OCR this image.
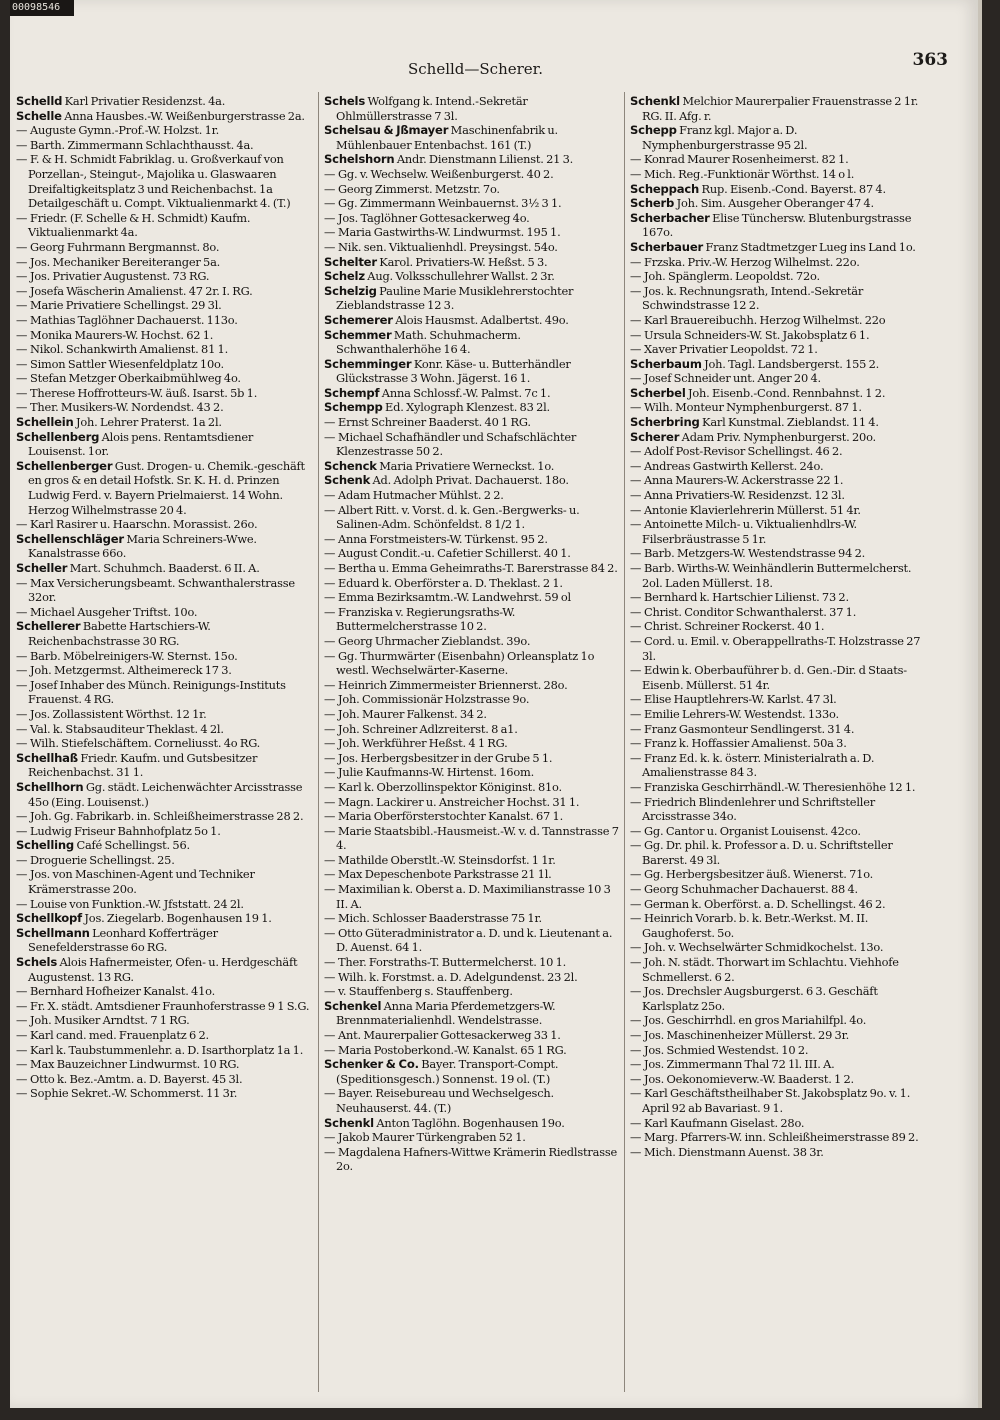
00098546
Schelld—Scherer.	363
Schelld Karl Privatier Residenzst. 4a.
Schelle Anna Hausbes.-W. Weißenburgerstrasse 2a.
— Auguste Gymn.-Prof.-W. Holzst. 1r.
— Barth. Zimmermann Schlachthausst. 4a.
— F. & H. Schmidt Fabriklag. u. Großverkauf von Porzellan-, Steingut-, Majolika u. Glaswaaren Dreifaltigkeitsplatz 3 und Reichenbachst. 1a Detailgeschäft u. Compt. Viktualienmarkt 4. (T.)
— Friedr. (F. Schelle & H. Schmidt) Kaufm. Viktualienmarkt 4a.
— Georg Fuhrmann Bergmannst. 8o.
— Jos. Mechaniker Bereiteranger 5a.
— Jos. Privatier Augustenst. 73 RG.
— Josefa Wäscherin Amalienst. 47 2r. I. RG.
— Marie Privatiere Schellingst. 29 3l.
— Mathias Taglöhner Dachauerst. 113o.
— Monika Maurers-W. Hochst. 62 1.
— Nikol. Schankwirth Amalienst. 81 1.
— Simon Sattler Wiesenfeldplatz 10o.
— Stefan Metzger Oberkaibmühlweg 4o.
— Therese Hoffrotteurs-W. äuß. Isarst. 5b 1.
— Ther. Musikers-W. Nordendst. 43 2.
Schellein Joh. Lehrer Praterst. 1a 2l.
Schellenberg Alois pens. Rentamtsdiener Louisenst. 1or.
Schellenberger Gust. Drogen- u. Chemik.-geschäft en gros & en detail Hofstk. Sr. K. H. d. Prinzen Ludwig Ferd. v. Bayern Prielmaierst. 14 Wohn. Herzog Wilhelmstrasse 20 4.
— Karl Rasirer u. Haarschn. Morassist. 26o.
Schellenschläger Maria Schreiners-Wwe. Kanalstrasse 66o.
Scheller Mart. Schuhmch. Baaderst. 6 II. A.
— Max Versicherungsbeamt. Schwanthalerstrasse 32or.
— Michael Ausgeher Triftst. 10o.
Schellerer Babette Hartschiers-W. Reichenbachstrasse 30 RG.
— Barb. Möbelreinigers-W. Sternst. 15o.
— Joh. Metzgermst. Altheimereck 17 3.
— Josef Inhaber des Münch. Reinigungs-Instituts Frauenst. 4 RG.
— Jos. Zollassistent Wörthst. 12 1r.
— Val. k. Stabsauditeur Theklast. 4 2l.
— Wilh. Stiefelschäftem. Corneliusst. 4o RG.
Schellhaß Friedr. Kaufm. und Gutsbesitzer Reichenbachst. 31 1.
Schellhorn Gg. städt. Leichenwächter Arcisstrasse 45o (Eing. Louisenst.)
— Joh. Gg. Fabrikarb. in. Schleißheimerstrasse 28 2.
— Ludwig Friseur Bahnhofplatz 5o 1.
Schelling Café Schellingst. 56.
— Droguerie Schellingst. 25.
— Jos. von Maschinen-Agent und Techniker Krämerstrasse 20o.
— Louise von Funktion.-W. Jfststatt. 24 2l.
Schellkopf Jos. Ziegelarb. Bogenhausen 19 1.
Schellmann Leonhard Kofferträger Senefelderstrasse 6o RG.
Schels Alois Hafnermeister, Ofen- u. Herdgeschäft Augustenst. 13 RG.
— Bernhard Hofheizer Kanalst. 41o.
— Fr. X. städt. Amtsdiener Fraunhoferstrasse 9 1 S.G.
— Joh. Musiker Arndtst. 7 1 RG.
— Karl cand. med. Frauenplatz 6 2.
— Karl k. Taubstummenlehr. a. D. Isarthorplatz 1a 1.
— Max Bauzeichner Lindwurmst. 10 RG.
— Otto k. Bez.-Amtm. a. D. Bayerst. 45 3l.
— Sophie Sekret.-W. Schommerst. 11 3r.
Schels Wolfgang k. Intend.-Sekretär Ohlmüllerstrasse 7 3l.
Schelsau & Jßmayer Maschinenfabrik u. Mühlenbauer Entenbachst. 161 (T.)
Schelshorn Andr. Dienstmann Lilienst. 21 3.
— Gg. v. Wechselw. Weißenburgerst. 40 2.
— Georg Zimmerst. Metzstr. 7o.
— Gg. Zimmermann Weinbauernst. 3½ 3 1.
— Jos. Taglöhner Gottesackerweg 4o.
— Maria Gastwirths-W. Lindwurmst. 195 1.
— Nik. sen. Viktualienhdl. Preysingst. 54o.
Schelter Karol. Privatiers-W. Heßst. 5 3.
Schelz Aug. Volksschullehrer Wallst. 2 3r.
Schelzig Pauline Marie Musiklehrerstochter Zieblandstrasse 12 3.
Schemerer Alois Hausmst. Adalbertst. 49o.
Schemmer Math. Schuhmacherm. Schwanthalerhöhe 16 4.
Schemminger Konr. Käse- u. Butterhändler Glückstrasse 3 Wohn. Jägerst. 16 1.
Schempf Anna Schlossf.-W. Palmst. 7c 1.
Schempp Ed. Xylograph Klenzest. 83 2l.
— Ernst Schreiner Baaderst. 40 1 RG.
— Michael Schafhändler und Schafschlächter Klenzestrasse 50 2.
Schenck Maria Privatiere Werneckst. 1o.
Schenk Ad. Adolph Privat. Dachauerst. 18o.
— Adam Hutmacher Mühlst. 2 2.
— Albert Ritt. v. Vorst. d. k. Gen.-Bergwerks- u. Salinen-Adm. Schönfeldst. 8 1/2 1.
— Anna Forstmeisters-W. Türkenst. 95 2.
— August Condit.-u. Cafetier Schillerst. 40 1.
— Bertha u. Emma Geheimraths-T. Barerstrasse 84 2.
— Eduard k. Oberförster a. D. Theklast. 2 1.
— Emma Bezirksamtm.-W. Landwehrst. 59 ol
— Franziska v. Regierungsraths-W. Buttermelcherstrasse 10 2.
— Georg Uhrmacher Zieblandst. 39o.
— Gg. Thurmwärter (Eisenbahn) Orleansplatz 1o westl. Wechselwärter-Kaserne.
— Heinrich Zimmermeister Briennerst. 28o.
— Joh. Commissionär Holzstrasse 9o.
— Joh. Maurer Falkenst. 34 2.
— Joh. Schreiner Adlzreiterst. 8 a1.
— Joh. Werkführer Heßst. 4 1 RG.
— Jos. Herbergsbesitzer in der Grube 5 1.
— Julie Kaufmanns-W. Hirtenst. 16om.
— Karl k. Oberzollinspektor Königinst. 81o.
— Magn. Lackirer u. Anstreicher Hochst. 31 1.
— Maria Oberförsterstochter Kanalst. 67 1.
— Marie Staatsbibl.-Hausmeist.-W. v. d. Tannstrasse 7 4.
— Mathilde Oberstlt.-W. Steinsdorfst. 1 1r.
— Max Depeschenbote Parkstrasse 21 1l.
— Maximilian k. Oberst a. D. Maximilianstrasse 10 3 II. A.
— Mich. Schlosser Baaderstrasse 75 1r.
— Otto Güteradministrator a. D. und k. Lieutenant a. D. Auenst. 64 1.
— Ther. Forstraths-T. Buttermelcherst. 10 1.
— Wilh. k. Forstmst. a. D. Adelgundenst. 23 2l.
— v. Stauffenberg s. Stauffenberg.
Schenkel Anna Maria Pferdemetzgers-W. Brennmaterialienhdl. Wendelstrasse.
— Ant. Maurerpalier Gottesackerweg 33 1.
— Maria Postoberkond.-W. Kanalst. 65 1 RG.
Schenker & Co. Bayer. Transport-Compt. (Speditionsgesch.) Sonnenst. 19 ol. (T.)
— Bayer. Reisebureau und Wechselgesch. Neuhauserst. 44. (T.)
Schenkl Anton Taglöhn. Bogenhausen 19o.
— Jakob Maurer Türkengraben 52 1.
— Magdalena Hafners-Wittwe Krämerin Riedlstrasse 2o.
Schenkl Melchior Maurerpalier Frauenstrasse 2 1r. RG. II. Afg. r.
Schepp Franz kgl. Major a. D. Nymphenburgerstrasse 95 2l.
— Konrad Maurer Rosenheimerst. 82 1.
— Mich. Reg.-Funktionär Wörthst. 14 o l.
Scheppach Rup. Eisenb.-Cond. Bayerst. 87 4.
Scherb Joh. Sim. Ausgeher Oberanger 47 4.
Scherbacher Elise Tünchersw. Blutenburgstrasse 167o.
Scherbauer Franz Stadtmetzger Lueg ins Land 1o.
— Frzska. Priv.-W. Herzog Wilhelmst. 22o.
— Joh. Spänglerm. Leopoldst. 72o.
— Jos. k. Rechnungsrath, Intend.-Sekretär Schwindstrasse 12 2.
— Karl Brauereibuchh. Herzog Wilhelmst. 22o
— Ursula Schneiders-W. St. Jakobsplatz 6 1.
— Xaver Privatier Leopoldst. 72 1.
Scherbaum Joh. Tagl. Landsbergerst. 155 2.
— Josef Schneider unt. Anger 20 4.
Scherbel Joh. Eisenb.-Cond. Rennbahnst. 1 2.
— Wilh. Monteur Nymphenburgerst. 87 1.
Scherbring Karl Kunstmal. Zieblandst. 11 4.
Scherer Adam Priv. Nymphenburgerst. 20o.
— Adolf Post-Revisor Schellingst. 46 2.
— Andreas Gastwirth Kellerst. 24o.
— Anna Maurers-W. Ackerstrasse 22 1.
— Anna Privatiers-W. Residenzst. 12 3l.
— Antonie Klavierlehrerin Müllerst. 51 4r.
— Antoinette Milch- u. Viktualienhdlrs-W. Filserbräustrasse 5 1r.
— Barb. Metzgers-W. Westendstrasse 94 2.
— Barb. Wirths-W. Weinhändlerin Buttermelcherst. 2ol. Laden Müllerst. 18.
— Bernhard k. Hartschier Lilienst. 73 2.
— Christ. Conditor Schwanthalerst. 37 1.
— Christ. Schreiner Rockerst. 40 1.
— Cord. u. Emil. v. Oberappellraths-T. Holzstrasse 27 3l.
— Edwin k. Oberbauführer b. d. Gen.-Dir. d Staats-Eisenb. Müllerst. 51 4r.
— Elise Hauptlehrers-W. Karlst. 47 3l.
— Emilie Lehrers-W. Westendst. 133o.
— Franz Gasmonteur Sendlingerst. 31 4.
— Franz k. Hoffassier Amalienst. 50a 3.
— Franz Ed. k. k. österr. Ministerialrath a. D. Amalienstrasse 84 3.
— Franziska Geschirrhändl.-W. Theresienhöhe 12 1.
— Friedrich Blindenlehrer und Schriftsteller Arcisstrasse 34o.
— Gg. Cantor u. Organist Louisenst. 42co.
— Gg. Dr. phil. k. Professor a. D. u. Schriftsteller Barerst. 49 3l.
— Gg. Herbergsbesitzer äuß. Wienerst. 71o.
— Georg Schuhmacher Dachauerst. 88 4.
— German k. Oberförst. a. D. Schellingst. 46 2.
— Heinrich Vorarb. b. k. Betr.-Werkst. M. II. Gaughoferst. 5o.
— Joh. v. Wechselwärter Schmidkochelst. 13o.
— Joh. N. städt. Thorwart im Schlachtu. Viehhofe Schmellerst. 6 2.
— Jos. Drechsler Augsburgerst. 6 3. Geschäft Karlsplatz 25o.
— Jos. Geschirrhdl. en gros Mariahilfpl. 4o.
— Jos. Maschinenheizer Müllerst. 29 3r.
— Jos. Schmied Westendst. 10 2.
— Jos. Zimmermann Thal 72 1l. III. A.
— Jos. Oekonomieverw.-W. Baaderst. 1 2.
— Karl Geschäftstheilhaber St. Jakobsplatz 9o. v. 1. April 92 ab Bavariast. 9 1.
— Karl Kaufmann Giselast. 28o.
— Marg. Pfarrers-W. inn. Schleißheimerstrasse 89 2.
— Mich. Dienstmann Auenst. 38 3r.
